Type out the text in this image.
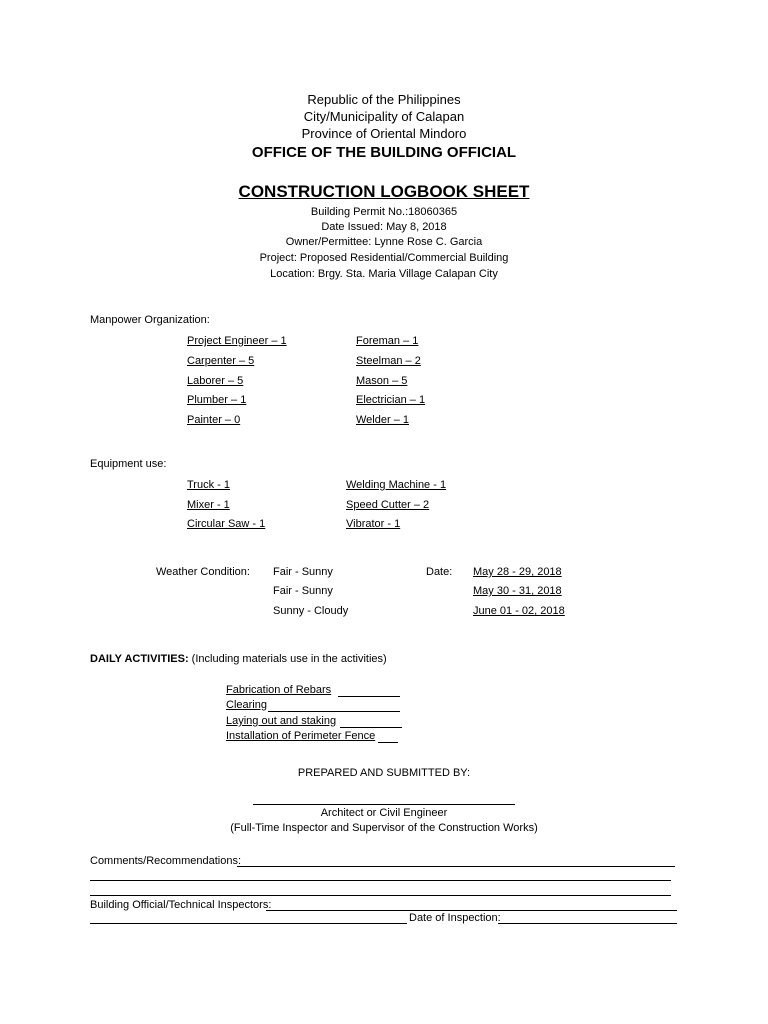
Republic of the Philippines
City/Municipality of Calapan
Province of Oriental Mindoro
OFFICE OF THE BUILDING OFFICIAL
CONSTRUCTION LOGBOOK SHEET
Building Permit No.:18060365
Date Issued: May 8, 2018
Owner/Permittee: Lynne Rose C. Garcia
Project: Proposed Residential/Commercial Building
Location: Brgy. Sta. Maria Village Calapan City
Manpower Organization:
Project Engineer – 1
Carpenter – 5
Laborer – 5
Plumber – 1
Painter – 0
Foreman – 1
Steelman – 2
Mason – 5
Electrician – 1
Welder – 1
Equipment use:
Truck - 1
Mixer - 1
Circular Saw - 1
Welding Machine - 1
Speed Cutter – 2
Vibrator - 1
Weather Condition: Fair - Sunny
Fair - Sunny
Sunny - Cloudy
Date: May 28 - 29, 2018
May 30 - 31, 2018
June 01 - 02, 2018
DAILY ACTIVITIES: (Including materials use in the activities)
Fabrication of Rebars
Clearing
Laying out and staking
Installation of Perimeter Fence
PREPARED AND SUBMITTED BY:
Architect or Civil Engineer
(Full-Time Inspector and Supervisor of the Construction Works)
Comments/Recommendations:
Building Official/Technical Inspectors:
Date of Inspection:
